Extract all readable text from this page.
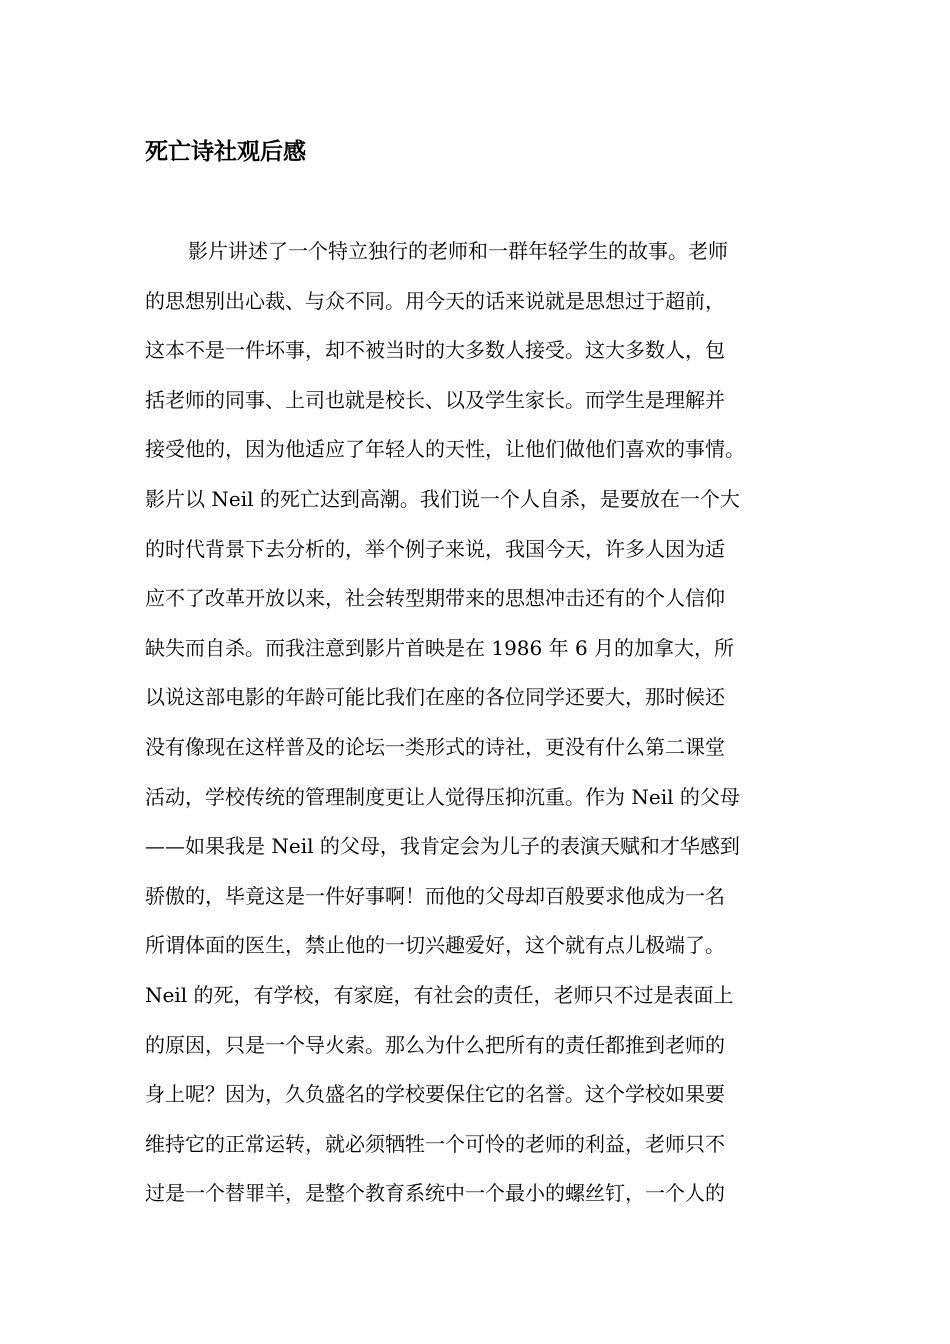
死亡诗社观后感
影片讲述了一个特立独行的老师和一群年轻学生的故事。老师
的思想别出心裁、与众不同。用今天的话来说就是思想过于超前，
这本不是一件坏事，却不被当时的大多数人接受。这大多数人，包
括老师的同事、上司也就是校长、以及学生家长。而学生是理解并
接受他的，因为他适应了年轻人的天性，让他们做他们喜欢的事情。
影片以 Neil 的死亡达到高潮。我们说一个人自杀，是要放在一个大
的时代背景下去分析的，举个例子来说，我国今天，许多人因为适
应不了改革开放以来，社会转型期带来的思想冲击还有的个人信仰
缺失而自杀。而我注意到影片首映是在 1986 年 6 月的加拿大，所
以说这部电影的年龄可能比我们在座的各位同学还要大，那时候还
没有像现在这样普及的论坛一类形式的诗社，更没有什么第二课堂
活动，学校传统的管理制度更让人觉得压抑沉重。作为 Neil 的父母
——如果我是 Neil 的父母，我肯定会为儿子的表演天赋和才华感到
骄傲的，毕竟这是一件好事啊！而他的父母却百般要求他成为一名
所谓体面的医生，禁止他的一切兴趣爱好，这个就有点儿极端了。
Neil 的死，有学校，有家庭，有社会的责任，老师只不过是表面上
的原因，只是一个导火索。那么为什么把所有的责任都推到老师的
身上呢？因为，久负盛名的学校要保住它的名誉。这个学校如果要
维持它的正常运转，就必须牺牲一个可怜的老师的利益，老师只不
过是一个替罪羊，是整个教育系统中一个最小的螺丝钉，一个人的
